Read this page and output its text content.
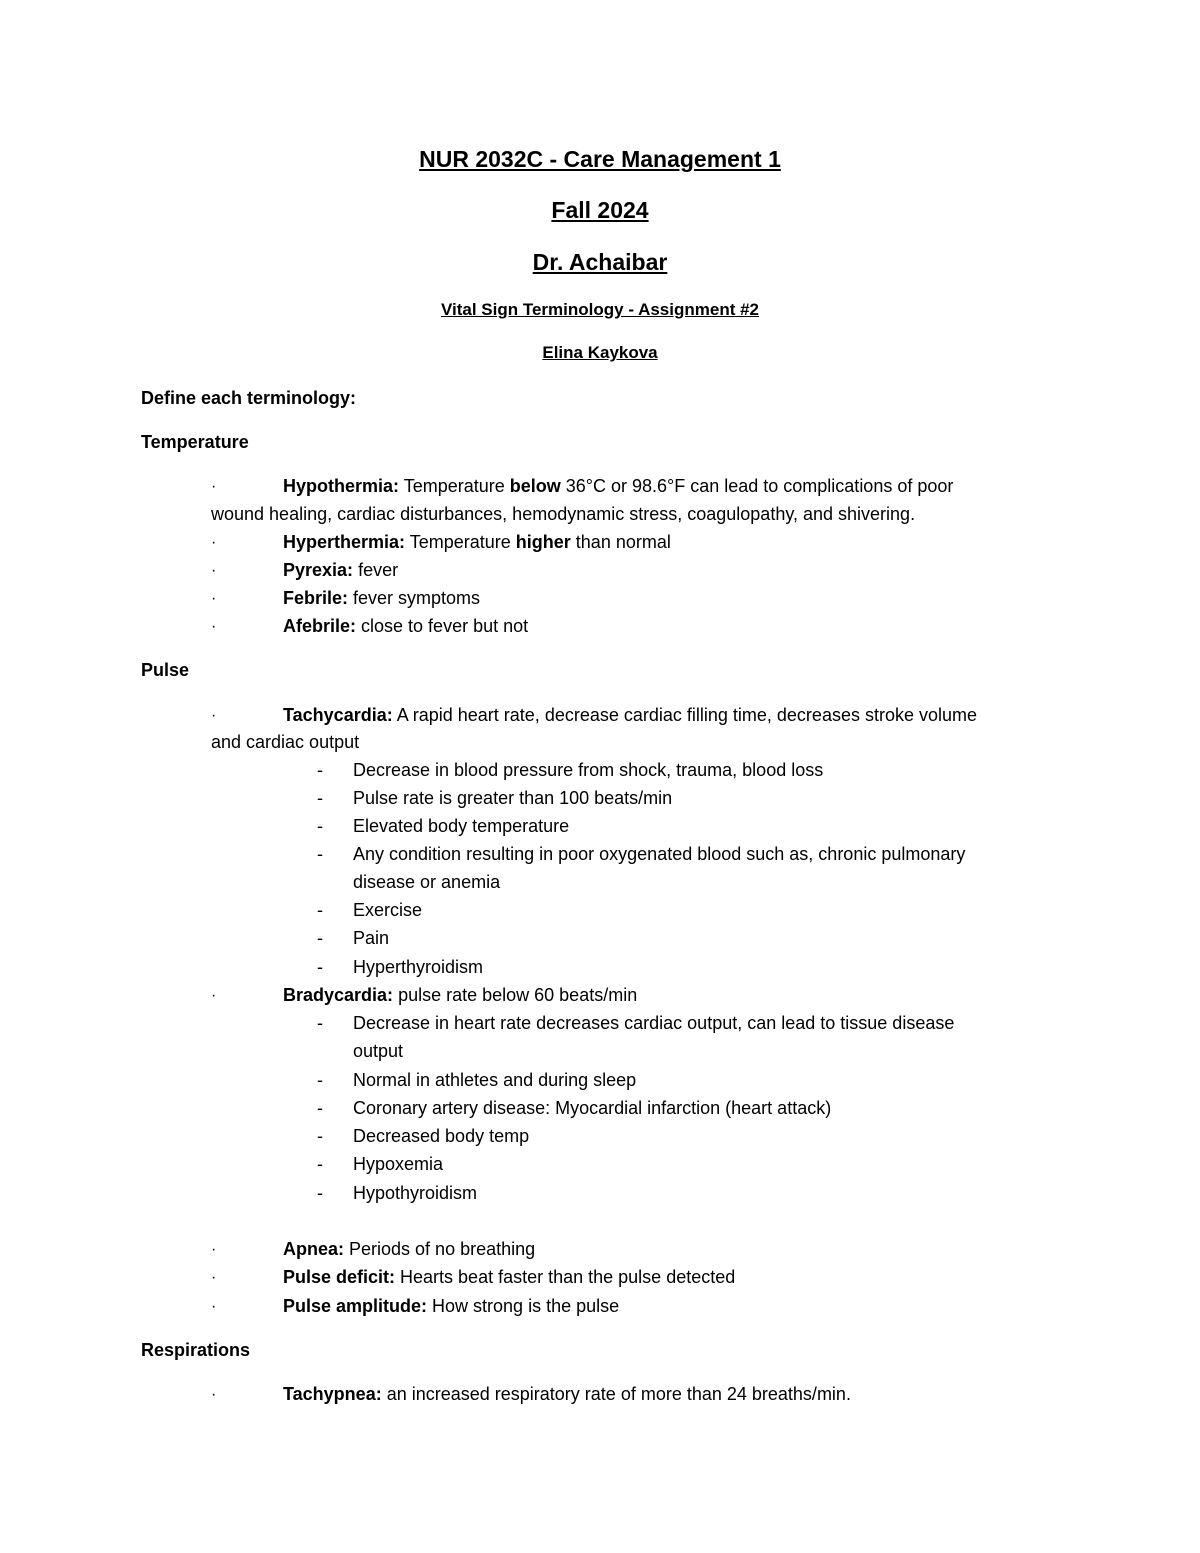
NUR 2032C - Care Management 1
Fall 2024
Dr. Achaibar
Vital Sign Terminology - Assignment #2
Elina Kaykova
Define each terminology:
Temperature
·	Hypothermia: Temperature below 36°C or 98.6°F can lead to complications of poor
wound healing, cardiac disturbances, hemodynamic stress, coagulopathy, and shivering.
·	Hyperthermia: Temperature higher than normal
·	Pyrexia: fever
·	Febrile: fever symptoms
·	Afebrile: close to fever but not
Pulse
·	Tachycardia: A rapid heart rate, decrease cardiac filling time, decreases stroke volume
and cardiac output
-	Decrease in blood pressure from shock, trauma, blood loss
-	Pulse rate is greater than 100 beats/min
-	Elevated body temperature
-	Any condition resulting in poor oxygenated blood such as, chronic pulmonary
disease or anemia
-	Exercise
-	Pain
-	Hyperthyroidism
·	Bradycardia: pulse rate below 60 beats/min
-	Decrease in heart rate decreases cardiac output, can lead to tissue disease
output
-	Normal in athletes and during sleep
-	Coronary artery disease: Myocardial infarction (heart attack)
-	Decreased body temp
-	Hypoxemia
-	Hypothyroidism
·	Apnea: Periods of no breathing
·	Pulse deficit: Hearts beat faster than the pulse detected
·	Pulse amplitude: How strong is the pulse
Respirations
·	Tachypnea: an increased respiratory rate of more than 24 breaths/min.
